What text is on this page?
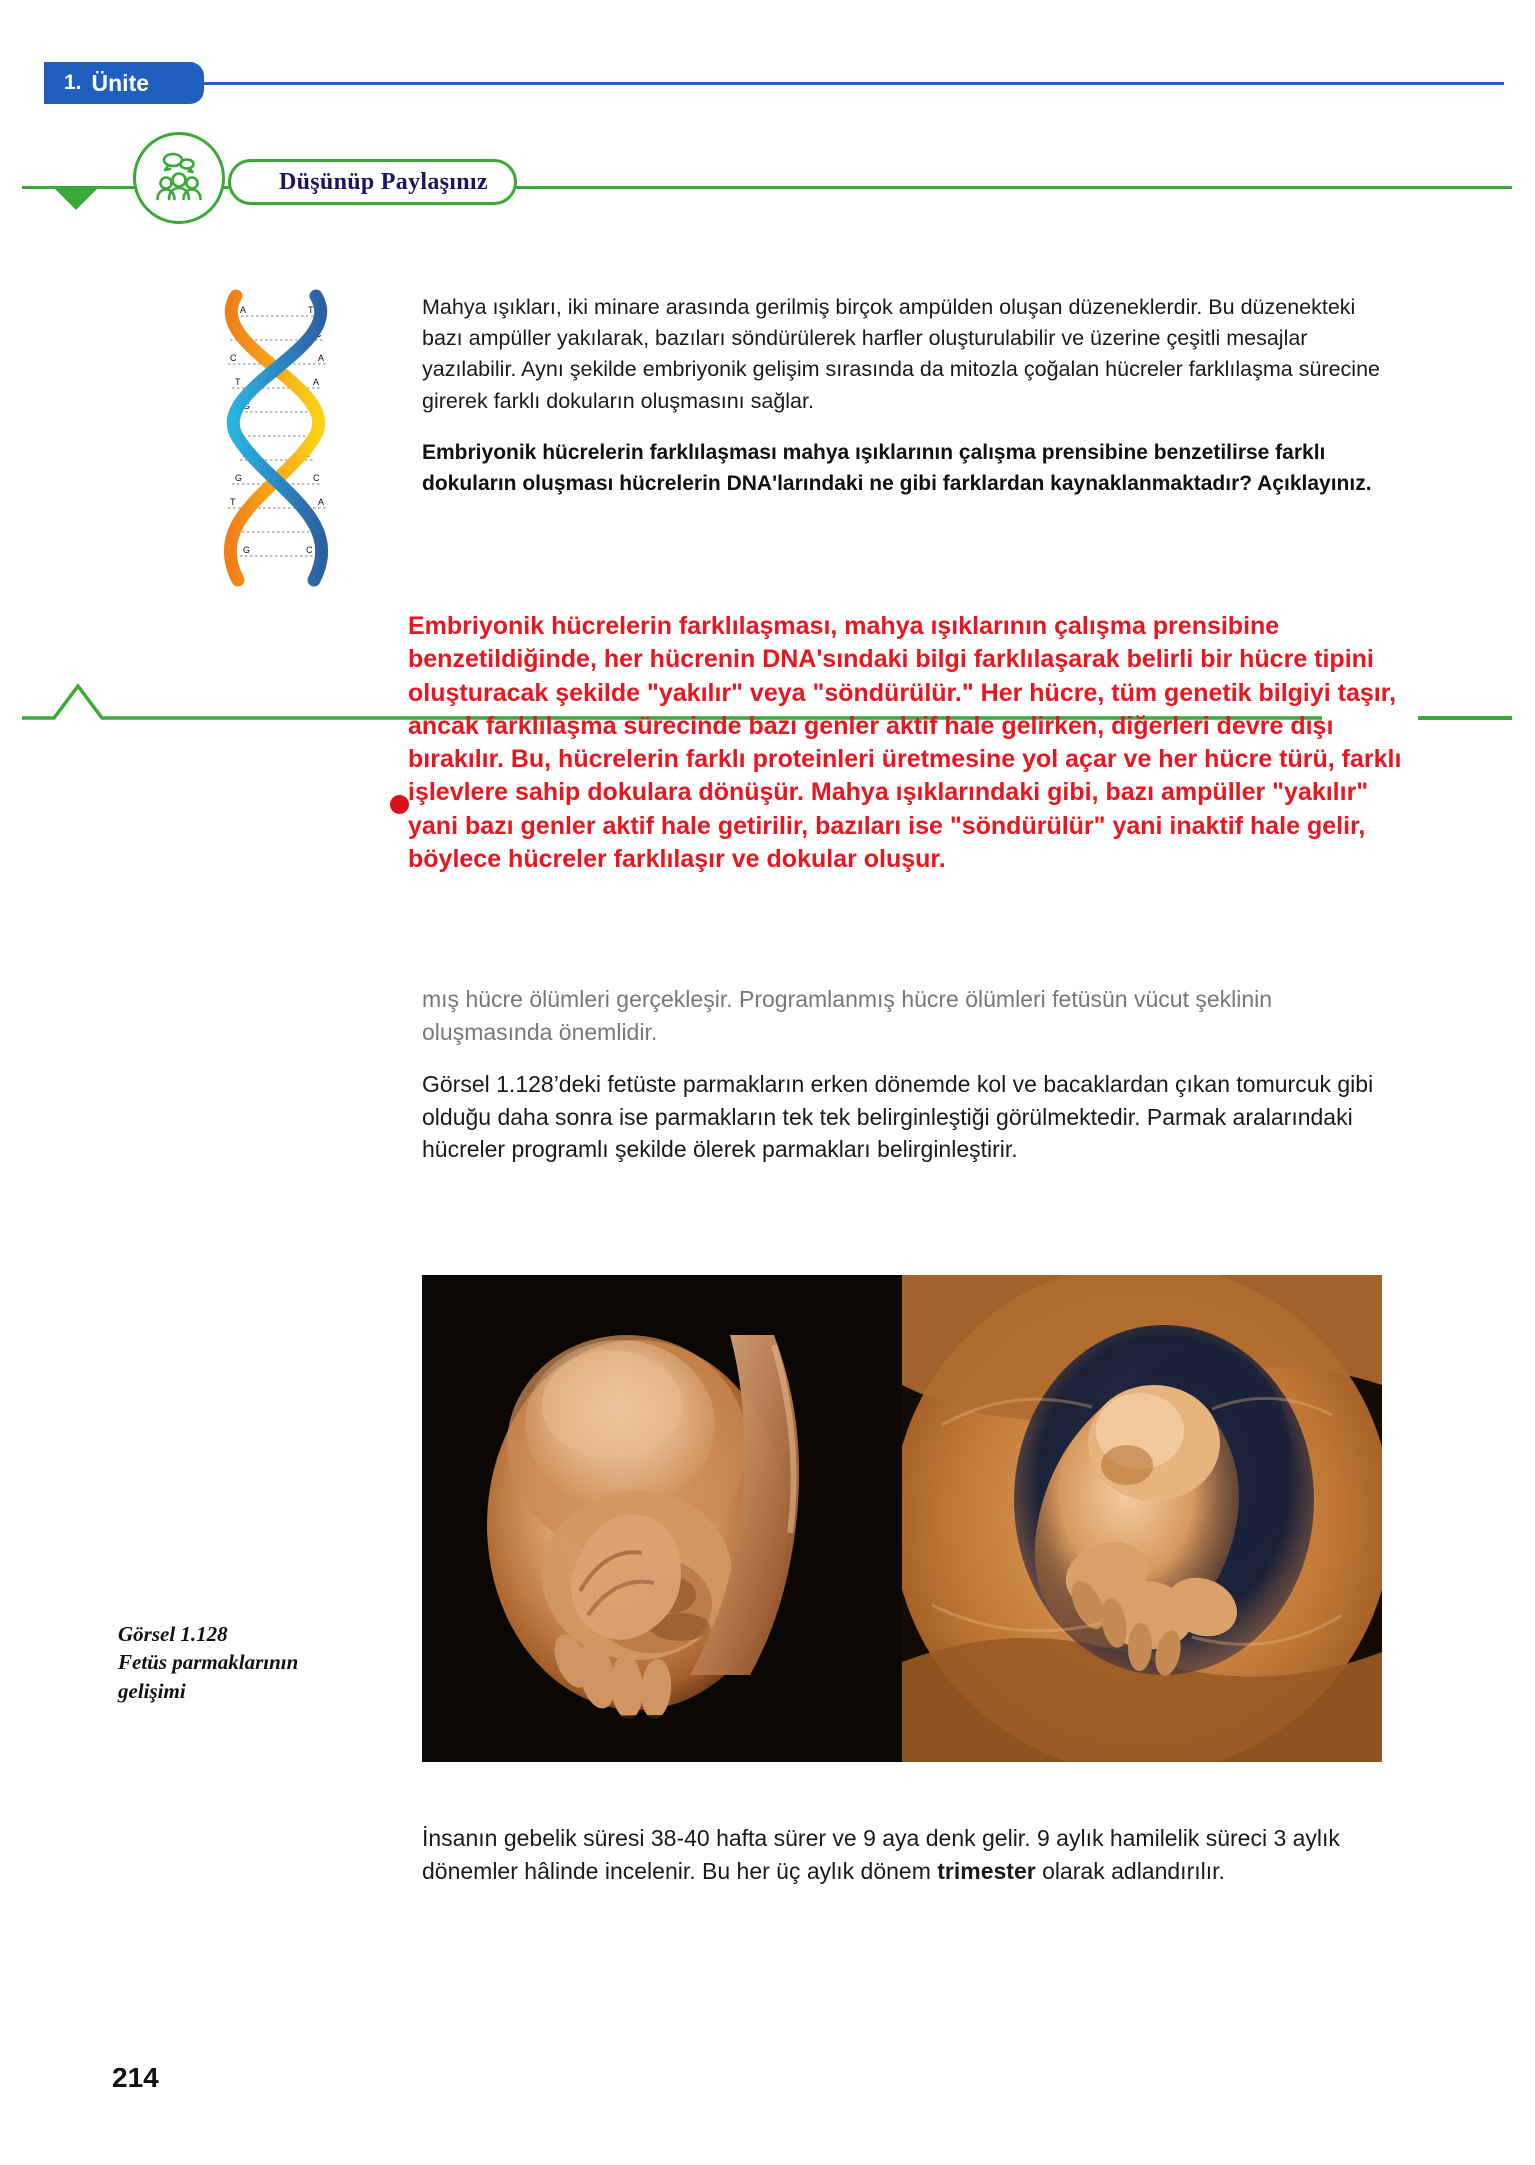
1. Ünite
Düşünüp Paylaşınız
A	T
G	C
C	A
T	A
G	C
A	T
G	C
T	A
C	G
G	C

Mahya ışıkları, iki minare arasında gerilmiş birçok ampülden oluşan düzeneklerdir. Bu düzenekteki bazı ampüller yakılarak, bazıları söndürülerek harfler oluşturulabilir ve üzerine çeşitli mesajlar yazılabilir. Aynı şekilde embriyonik gelişim sırasında da mitozla çoğalan hücreler farklılaşma sürecine girerek farklı dokuların oluşmasını sağlar.

Embriyonik hücrelerin farklılaşması mahya ışıklarının çalışma prensibine benzetilirse farklı dokuların oluşması hücrelerin DNA'larındaki ne gibi farklardan kaynaklanmaktadır? Açıklayınız.

Embriyonik hücrelerin farklılaşması, mahya ışıklarının çalışma prensibine benzetildiğinde, her hücrenin DNA'sındaki bilgi farklılaşarak belirli bir hücre tipini oluşturacak şekilde "yakılır" veya "söndürülür." Her hücre, tüm genetik bilgiyi taşır, ancak farklılaşma sürecinde bazı genler aktif hale gelirken, diğerleri devre dışı bırakılır. Bu, hücrelerin farklı proteinleri üretmesine yol açar ve her hücre türü, farklı işlevlere sahip dokulara dönüşür. Mahya ışıklarındaki gibi, bazı ampüller "yakılır" yani bazı genler aktif hale getirilir, bazıları ise "söndürülür" yani inaktif hale gelir, böylece hücreler farklılaşır ve dokular oluşur.

mış hücre ölümleri gerçekleşir. Programlanmış hücre ölümleri fetüsün vücut şeklinin oluşmasında önemlidir.

Görsel 1.128’deki fetüste parmakların erken dönemde kol ve bacaklardan çıkan tomurcuk gibi olduğu daha sonra ise parmakların tek tek belirginleştiği görülmektedir. Parmak aralarındaki hücreler programlı şekilde ölerek parmakları belirginleştirir.

Görsel 1.128
Fetüs parmaklarının gelişimi

İnsanın gebelik süresi 38-40 hafta sürer ve 9 aya denk gelir. 9 aylık hamilelik süreci 3 aylık dönemler hâlinde incelenir. Bu her üç aylık dönem trimester olarak adlandırılır.

214
